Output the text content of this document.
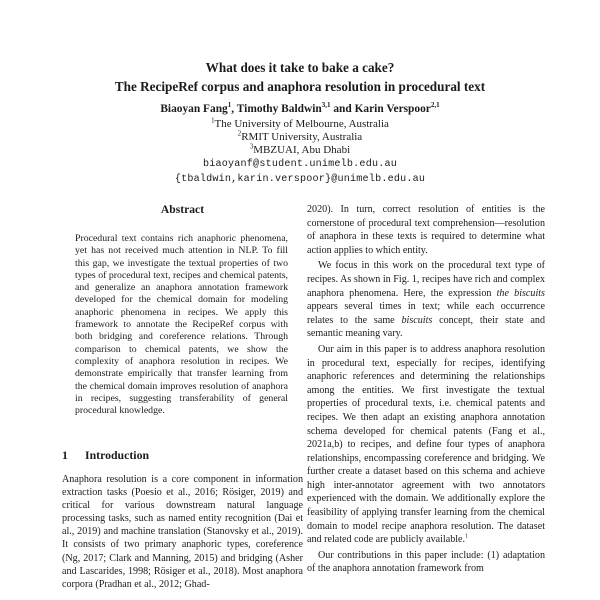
What does it take to bake a cake?
The RecipeRef corpus and anaphora resolution in procedural text
Biaoyan Fang$^1$, Timothy Baldwin$^{3,1}$ and Karin Verspoor$^{2,1}$
$^1$The University of Melbourne, Australia
$^2$RMIT University, Australia
$^3$MBZUAI, Abu Dhabi
biaoyanf@student.unimelb.edu.au
{tbaldwin,karin.verspoor}@unimelb.edu.au
Abstract

Procedural text contains rich anaphoric phenomena, yet has not received much attention in NLP. To fill this gap, we investigate the textual properties of two types of procedural text, recipes and chemical patents, and generalize an anaphora annotation framework developed for the chemical domain for modeling anaphoric phenomena in recipes. We apply this framework to annotate the RecipeRef corpus with both bridging and coreference relations. Through comparison to chemical patents, we show the complexity of anaphora resolution in recipes. We demonstrate empirically that transfer learning from the chemical domain improves resolution of anaphora in recipes, suggesting transferability of general procedural knowledge.

1 Introduction

Anaphora resolution is a core component in information extraction tasks (Poesio et al., 2016; Rösiger, 2019) and critical for various downstream natural language processing tasks, such as named entity recognition (Dai et al., 2019) and machine translation (Stanovsky et al., 2019). It consists of two primary anaphoric types, coreference (Ng, 2017; Clark and Manning, 2015) and bridging (Asher and Lascarides, 1998; Rösiger et al., 2018). Most anaphora corpora (Pradhan et al., 2012; Ghad-

2020). In turn, correct resolution of entities is the cornerstone of procedural text comprehension—resolution of anaphora in these texts is required to determine what action applies to which entity.

We focus in this work on the procedural text type of recipes. As shown in Fig. 1, recipes have rich and complex anaphora phenomena. Here, the expression the biscuits appears several times in text; while each occurrence relates to the same biscuits concept, their state and semantic meaning vary.

Our aim in this paper is to address anaphora resolution in procedural text, especially for recipes, identifying anaphoric references and determining the relationships among the entities. We first investigate the textual properties of procedural texts, i.e. chemical patents and recipes. We then adapt an existing anaphora annotation schema developed for chemical patents (Fang et al., 2021a,b) to recipes, and define four types of anaphora relationships, encompassing coreference and bridging. We further create a dataset based on this schema and achieve high inter-annotator agreement with two annotators experienced with the domain. We additionally explore the feasibility of applying transfer learning from the chemical domain to model recipe anaphora resolution. The dataset and related code are publicly available.$^1$

Our contributions in this paper include: (1) adaptation of the anaphora annotation framework from
